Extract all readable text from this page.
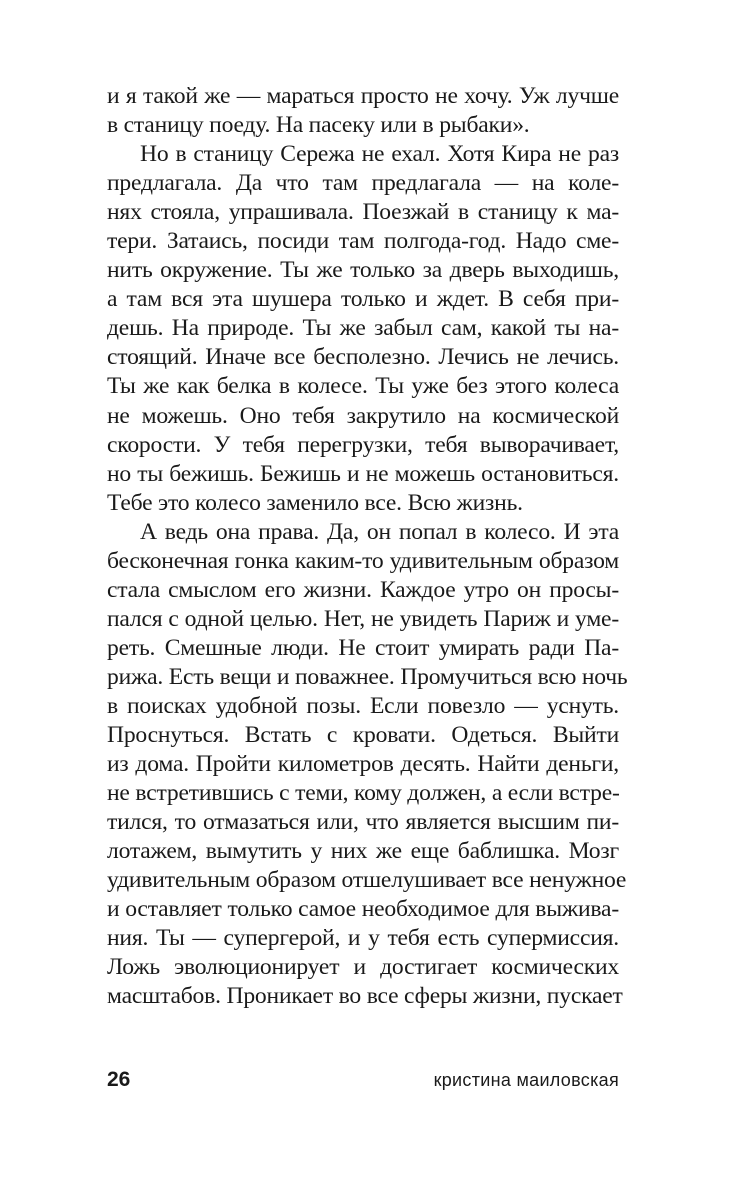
и я такой же — мараться просто не хочу. Уж лучше
в станицу поеду. На пасеку или в рыбаки».
Но в станицу Сережа не ехал. Хотя Кира не раз
предлагала. Да что там предлагала — на коле-
нях стояла, упрашивала. Поезжай в станицу к ма-
тери. Затаись, посиди там полгода-год. Надо сме-
нить окружение. Ты же только за дверь выходишь,
а там вся эта шушера только и ждет. В себя при-
дешь. На природе. Ты же забыл сам, какой ты на-
стоящий. Иначе все бесполезно. Лечись не лечись.
Ты же как белка в колесе. Ты уже без этого колеса
не можешь. Оно тебя закрутило на космической
скорости. У тебя перегрузки, тебя выворачивает,
но ты бежишь. Бежишь и не можешь остановиться.
Тебе это колесо заменило все. Всю жизнь.
А ведь она права. Да, он попал в колесо. И эта
бесконечная гонка каким-то удивительным образом
стала смыслом его жизни. Каждое утро он просы-
пался с одной целью. Нет, не увидеть Париж и уме-
реть. Смешные люди. Не стоит умирать ради Па-
рижа. Есть вещи и поважнее. Промучиться всю ночь
в поисках удобной позы. Если повезло — уснуть.
Проснуться. Встать с кровати. Одеться. Выйти
из дома. Пройти километров десять. Найти деньги,
не встретившись с теми, кому должен, а если встре-
тился, то отмазаться или, что является высшим пи-
лотажем, вымутить у них же еще баблишка. Мозг
удивительным образом отшелушивает все ненужное
и оставляет только самое необходимое для выжива-
ния. Ты — супергерой, и у тебя есть супермиссия.
Ложь эволюционирует и достигает космических
масштабов. Проникает во все сферы жизни, пускает
26	кристина маиловская
